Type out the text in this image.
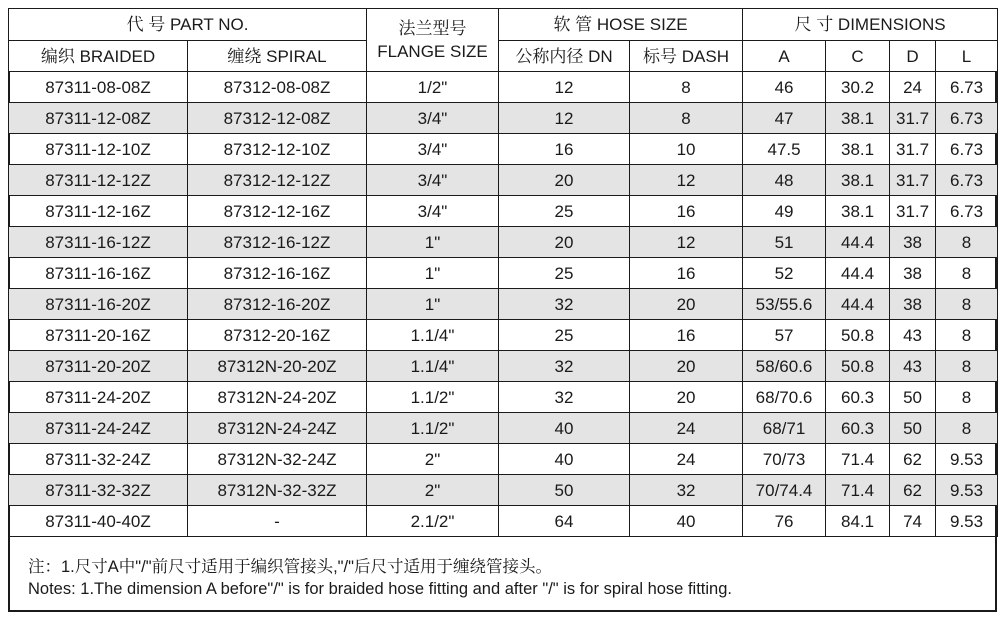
代 号 PART NO.		法兰型号
FLANGE SIZE	软 管 HOSE SIZE		尺 寸 DIMENSIONS			
编织 BRAIDED	缠绕 SPIRAL		公称内径 DN	标号 DASH	A	C	D	L
87311-08-08Z	87312-08-08Z	1/2"	12	8	46	30.2	24	6.73
87311-12-08Z	87312-12-08Z	3/4"	12	8	47	38.1	31.7	6.73
87311-12-10Z	87312-12-10Z	3/4"	16	10	47.5	38.1	31.7	6.73
87311-12-12Z	87312-12-12Z	3/4"	20	12	48	38.1	31.7	6.73
87311-12-16Z	87312-12-16Z	3/4"	25	16	49	38.1	31.7	6.73
87311-16-12Z	87312-16-12Z	1"	20	12	51	44.4	38	8
87311-16-16Z	87312-16-16Z	1"	25	16	52	44.4	38	8
87311-16-20Z	87312-16-20Z	1"	32	20	53/55.6	44.4	38	8
87311-20-16Z	87312-20-16Z	1.1/4"	25	16	57	50.8	43	8
87311-20-20Z	87312N-20-20Z	1.1/4"	32	20	58/60.6	50.8	43	8
87311-24-20Z	87312N-24-20Z	1.1/2"	32	20	68/70.6	60.3	50	8
87311-24-24Z	87312N-24-24Z	1.1/2"	40	24	68/71	60.3	50	8
87311-32-24Z	87312N-32-24Z	2"	40	24	70/73	71.4	62	9.53
87311-32-32Z	87312N-32-32Z	2"	50	32	70/74.4	71.4	62	9.53
87311-40-40Z	-	2.1/2"	64	40	76	84.1	74	9.53
注：1.尺寸A中"/"前尺寸适用于编织管接头,"/"后尺寸适用于缠绕管接头。
Notes: 1.The dimension A before"/" is for braided hose fitting and after "/" is for spiral hose fitting.
